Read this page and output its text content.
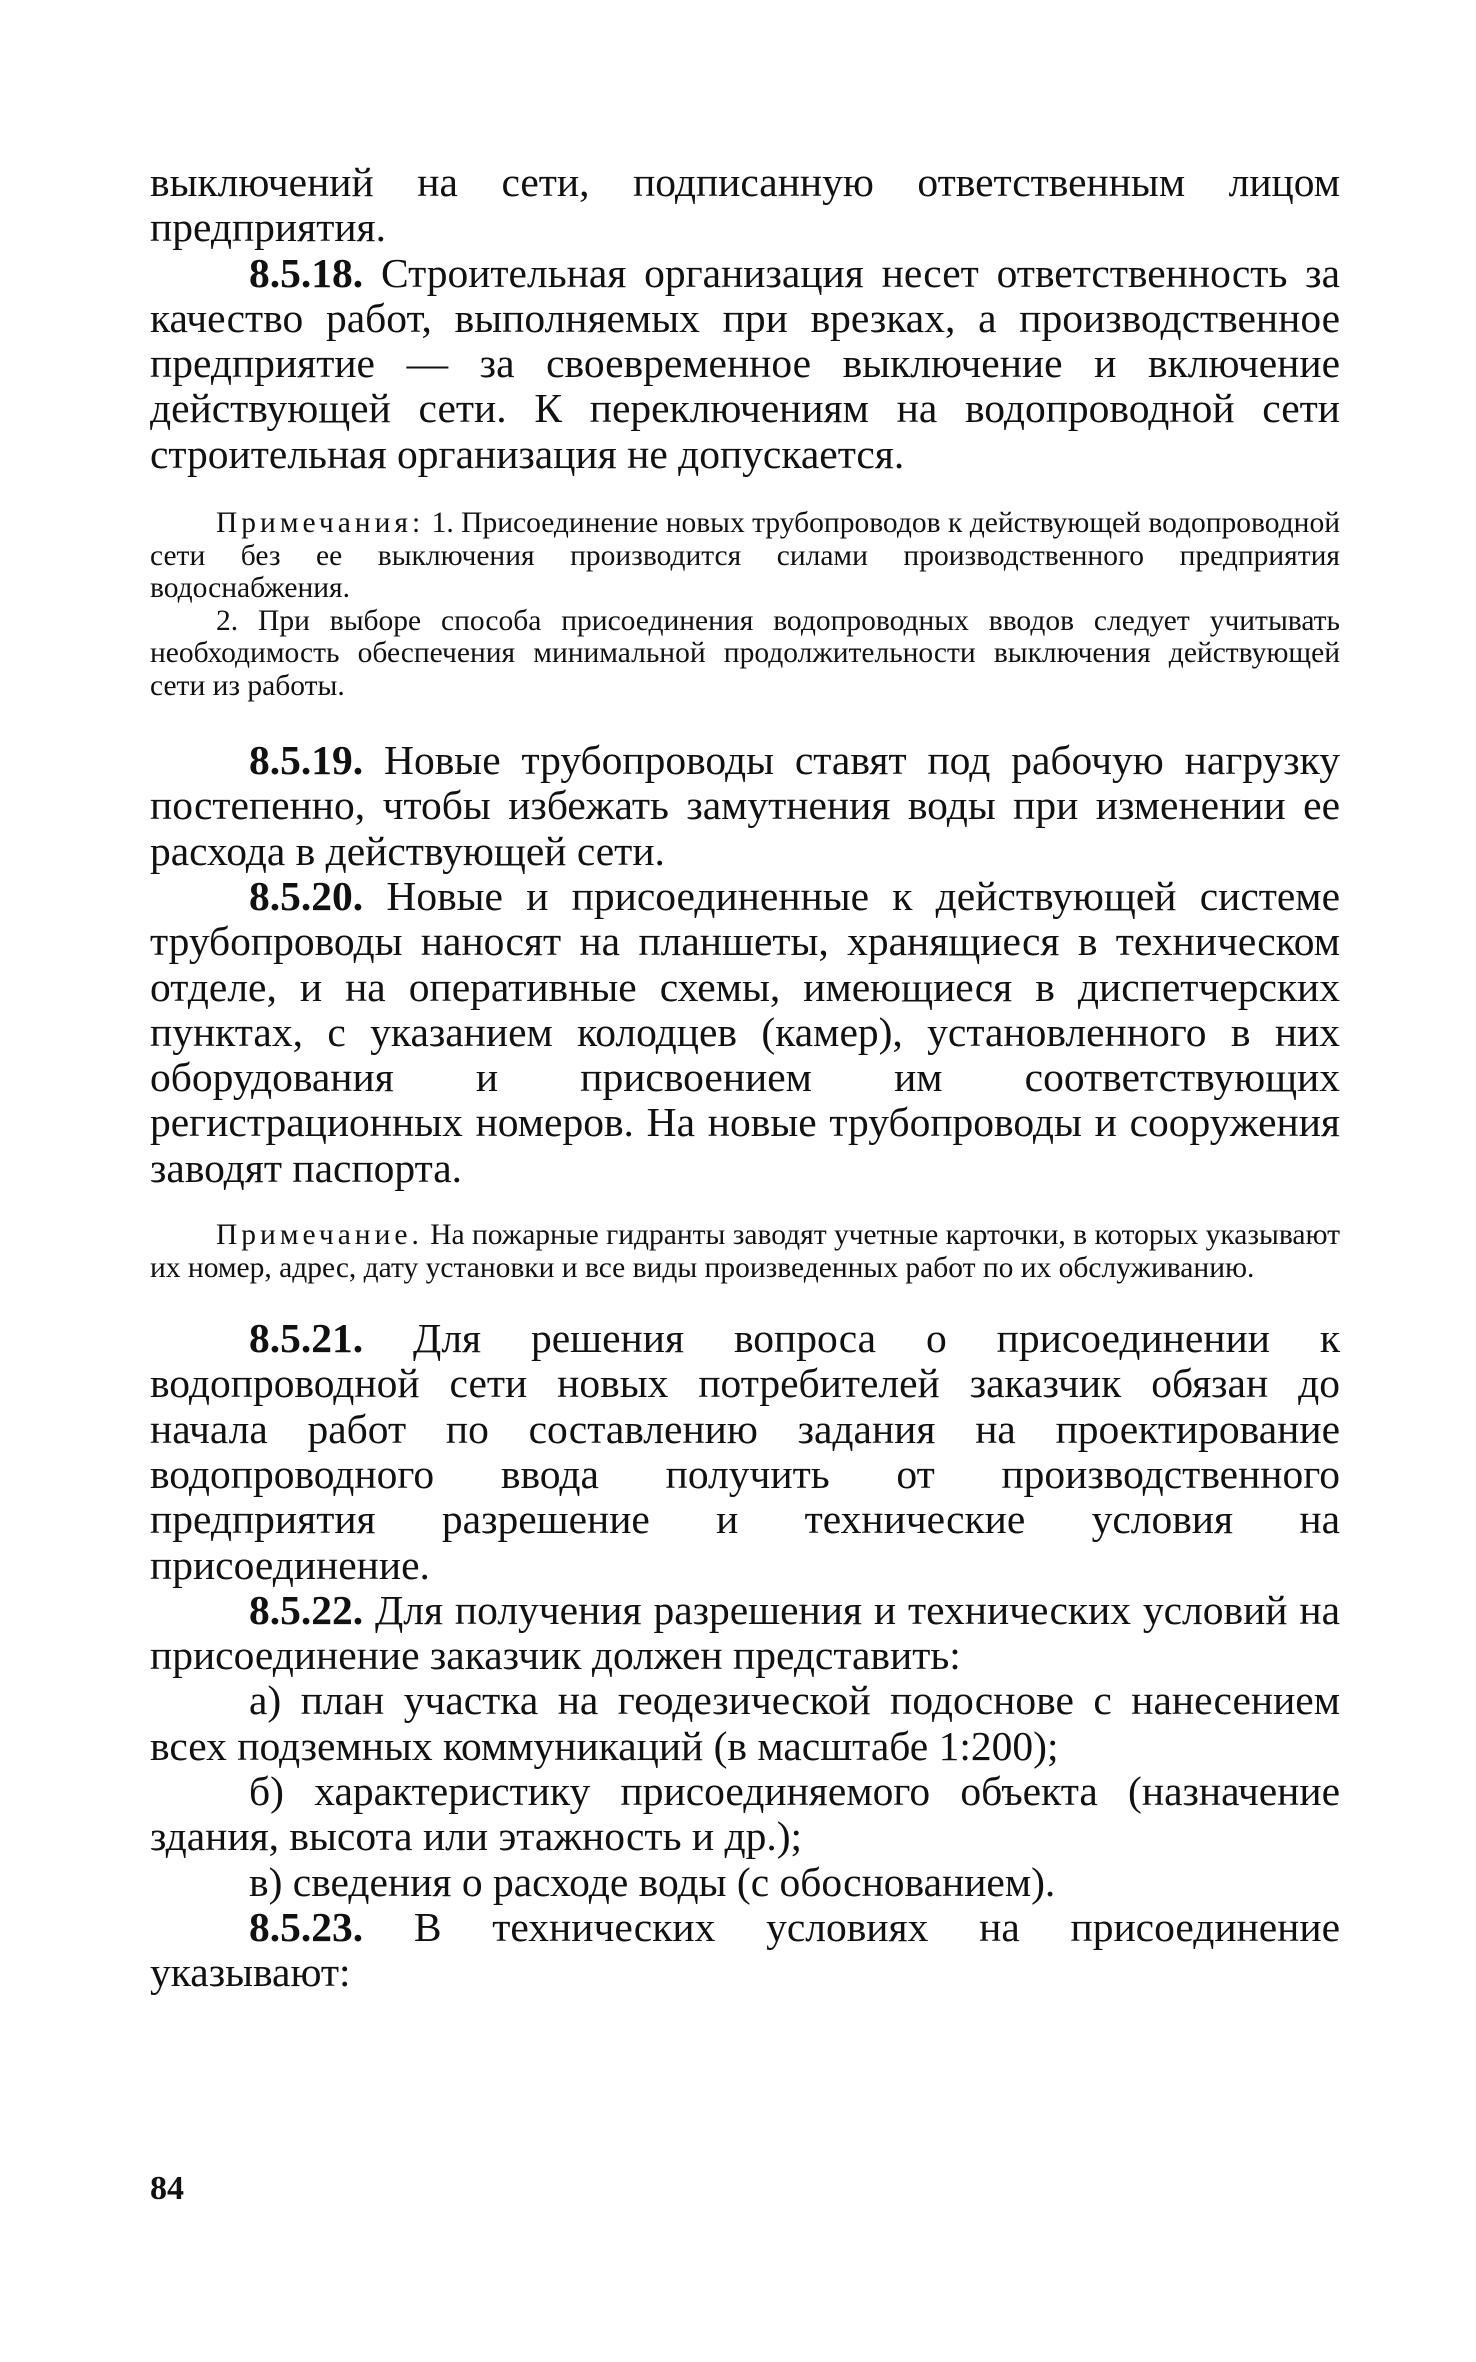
выключений на сети, подписанную ответственным лицом предприятия.

8.5.18. Строительная организация несет ответственность за качество работ, выполняемых при врезках, а производственное предприятие — за своевременное выключение и включение действующей сети. К переключениям на водопроводной сети строительная организация не допускается.

Примечания: 1. Присоединение новых трубопроводов к действующей водопроводной сети без ее выключения производится силами производственного предприятия водоснабжения.

2. При выборе способа присоединения водопроводных вводов следует учитывать необходимость обеспечения минимальной продолжительности выключения действующей сети из работы.

8.5.19. Новые трубопроводы ставят под рабочую нагрузку постепенно, чтобы избежать замутнения воды при изменении ее расхода в действующей сети.

8.5.20. Новые и присоединенные к действующей системе трубопроводы наносят на планшеты, хранящиеся в техническом отделе, и на оперативные схемы, имеющиеся в диспетчерских пунктах, с указанием колодцев (камер), установленного в них оборудования и присвоением им соответствующих регистрационных номеров. На новые трубопроводы и сооружения заводят паспорта.

Примечание. На пожарные гидранты заводят учетные карточки, в которых указывают их номер, адрес, дату установки и все виды произведенных работ по их обслуживанию.

8.5.21. Для решения вопроса о присоединении к водопроводной сети новых потребителей заказчик обязан до начала работ по составлению задания на проектирование водопроводного ввода получить от производственного предприятия разрешение и технические условия на присоединение.

8.5.22. Для получения разрешения и технических условий на присоединение заказчик должен представить:

а) план участка на геодезической подоснове с нанесением всех подземных коммуникаций (в масштабе 1:200);

б) характеристику присоединяемого объекта (назначение здания, высота или этажность и др.);

в) сведения о расходе воды (с обоснованием).

8.5.23. В технических условиях на присоединение указывают:

84
